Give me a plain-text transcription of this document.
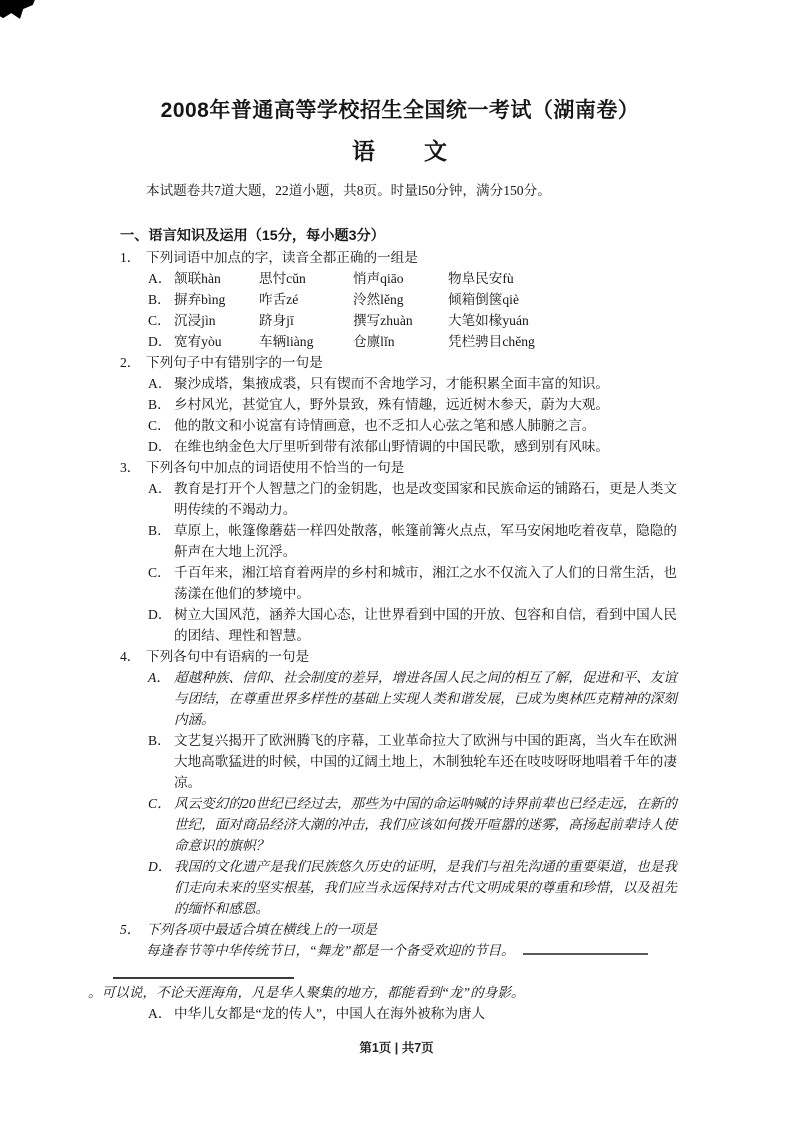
2008年普通高等学校招生全国统一考试（湖南卷）
语　　文
本试题卷共7道大题，22道小题，共8页。时量l50分钟，满分150分。
一、语言知识及运用（15分，每小题3分）
1． 下列词语中加点的字，读音全都正确的一组是
A． 颔联hàn	思忖cǔn	悄声qiāo	物阜民安fù
B． 摒弃bìng	咋舌zé	泠然lěng	倾箱倒箧qiè
C． 沉浸jìn	跻身jī	撰写zhuàn	大笔如椽yuán
D． 宽宥yòu	车辆liàng	仓廪lǐn	凭栏骋目chěng
2． 下列句子中有错别字的一句是
A． 聚沙成塔，集掖成裘，只有锲而不舍地学习，才能积累全面丰富的知识。
B． 乡村风光，甚觉宜人，野外景致，殊有情趣，远近树木参天，蔚为大观。
C． 他的散文和小说富有诗情画意，也不乏扣人心弦之笔和感人肺腑之言。
D． 在维也纳金色大厅里听到带有浓郁山野情调的中国民歌，感到别有风味。
3． 下列各句中加点的词语使用不恰当的一句是
A． 教育是打开个人智慧之门的金钥匙，也是改变国家和民族命运的铺路石，更是人类文明传续的不竭动力。
B． 草原上，帐篷像蘑菇一样四处散落，帐篷前篝火点点，军马安闲地吃着夜草，隐隐的鼾声在大地上沉浮。
C． 千百年来，湘江培育着两岸的乡村和城市，湘江之水不仅流入了人们的日常生活，也荡漾在他们的梦境中。
D． 树立大国风范，涵养大国心态，让世界看到中国的开放、包容和自信，看到中国人民的团结、理性和智慧。
4． 下列各句中有语病的一句是
A． 超越种族、信仰、社会制度的差异，增进各国人民之间的相互了解，促进和平、友谊与团结，在尊重世界多样性的基础上实现人类和谐发展，已成为奥林匹克精神的深刻内涵。
B． 文艺复兴揭开了欧洲腾飞的序幕，工业革命拉大了欧洲与中国的距离，当火车在欧洲大地高歌猛进的时候，中国的辽阔土地上，木制独轮车还在吱吱呀呀地唱着千年的凄凉。
C． 风云变幻的20世纪已经过去，那些为中国的命运呐喊的诗界前辈也已经走远，在新的世纪，面对商品经济大潮的冲击，我们应该如何拨开喧嚣的迷雾，高扬起前辈诗人使命意识的旗帜？
D． 我国的文化遗产是我们民族悠久历史的证明，是我们与祖先沟通的重要渠道，也是我们走向未来的坚实根基，我们应当永远保持对古代文明成果的尊重和珍惜，以及祖先的缅怀和感恩。
5． 下列各项中最适合填在横线上的一项是
每逢春节等中华传统节日，“舞龙”都是一个备受欢迎的节目。
。可以说，不论天涯海角，凡是华人聚集的地方，都能看到“龙”的身影。
A． 中华儿女都是“龙的传人”，中国人在海外被称为唐人
第1页 | 共7页
